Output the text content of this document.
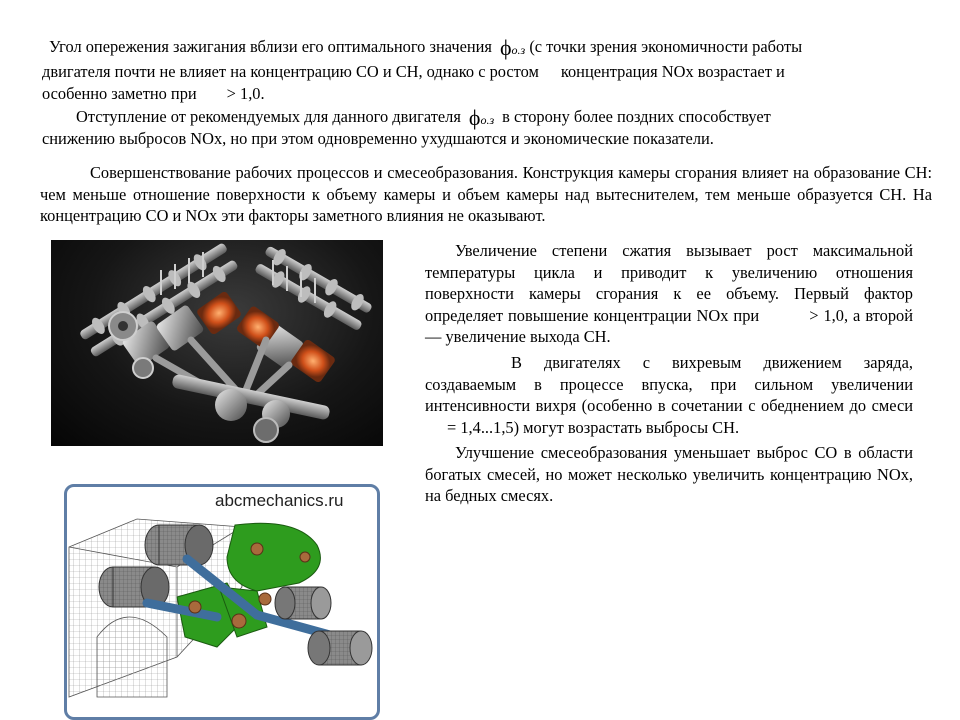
Угол опережения зажигания вблизи его оптимального значения ϕо.з (с точки зрения экономичности работы

двигателя почти не влияет на концентрацию CO и CH, однако с ростом концентрация NOx возрастает и

особенно заметно при > 1,0.

Отступление от рекомендуемых для данного двигателя ϕо.з в сторону более поздних способствует

снижению выбросов NOx, но при этом одновременно ухудшаются и экономические показатели.

Совершенствование рабочих процессов и смесеобразования. Конструкция камеры сгорания влияет на образование CH: чем меньше отношение поверхности к объему камеры и объем камеры над вытеснителем, тем меньше образуется CH. На концентрацию CO и NOx эти факторы заметного влияния не оказывают.

Увеличение степени сжатия вызывает рост максимальной температуры цикла и приводит к увеличению отношения поверхности камеры сгорания к ее объему. Первый фактор определяет повышение концентрации NOx при	> 1,0, а второй — увеличение выхода CH.

В двигателях с вихревым движением заряда, создаваемым в процессе впуска, при сильном увеличении интенсивности вихря (особенно в сочетании с обеднением до смеси= 1,4...1,5) могут возрастать выбросы CH.

Улучшение смесеобразования уменьшает выброс CO в области богатых смесей, но может несколько увеличить концентрацию NOx, на бедных смесях.

abcmechanics.ru
